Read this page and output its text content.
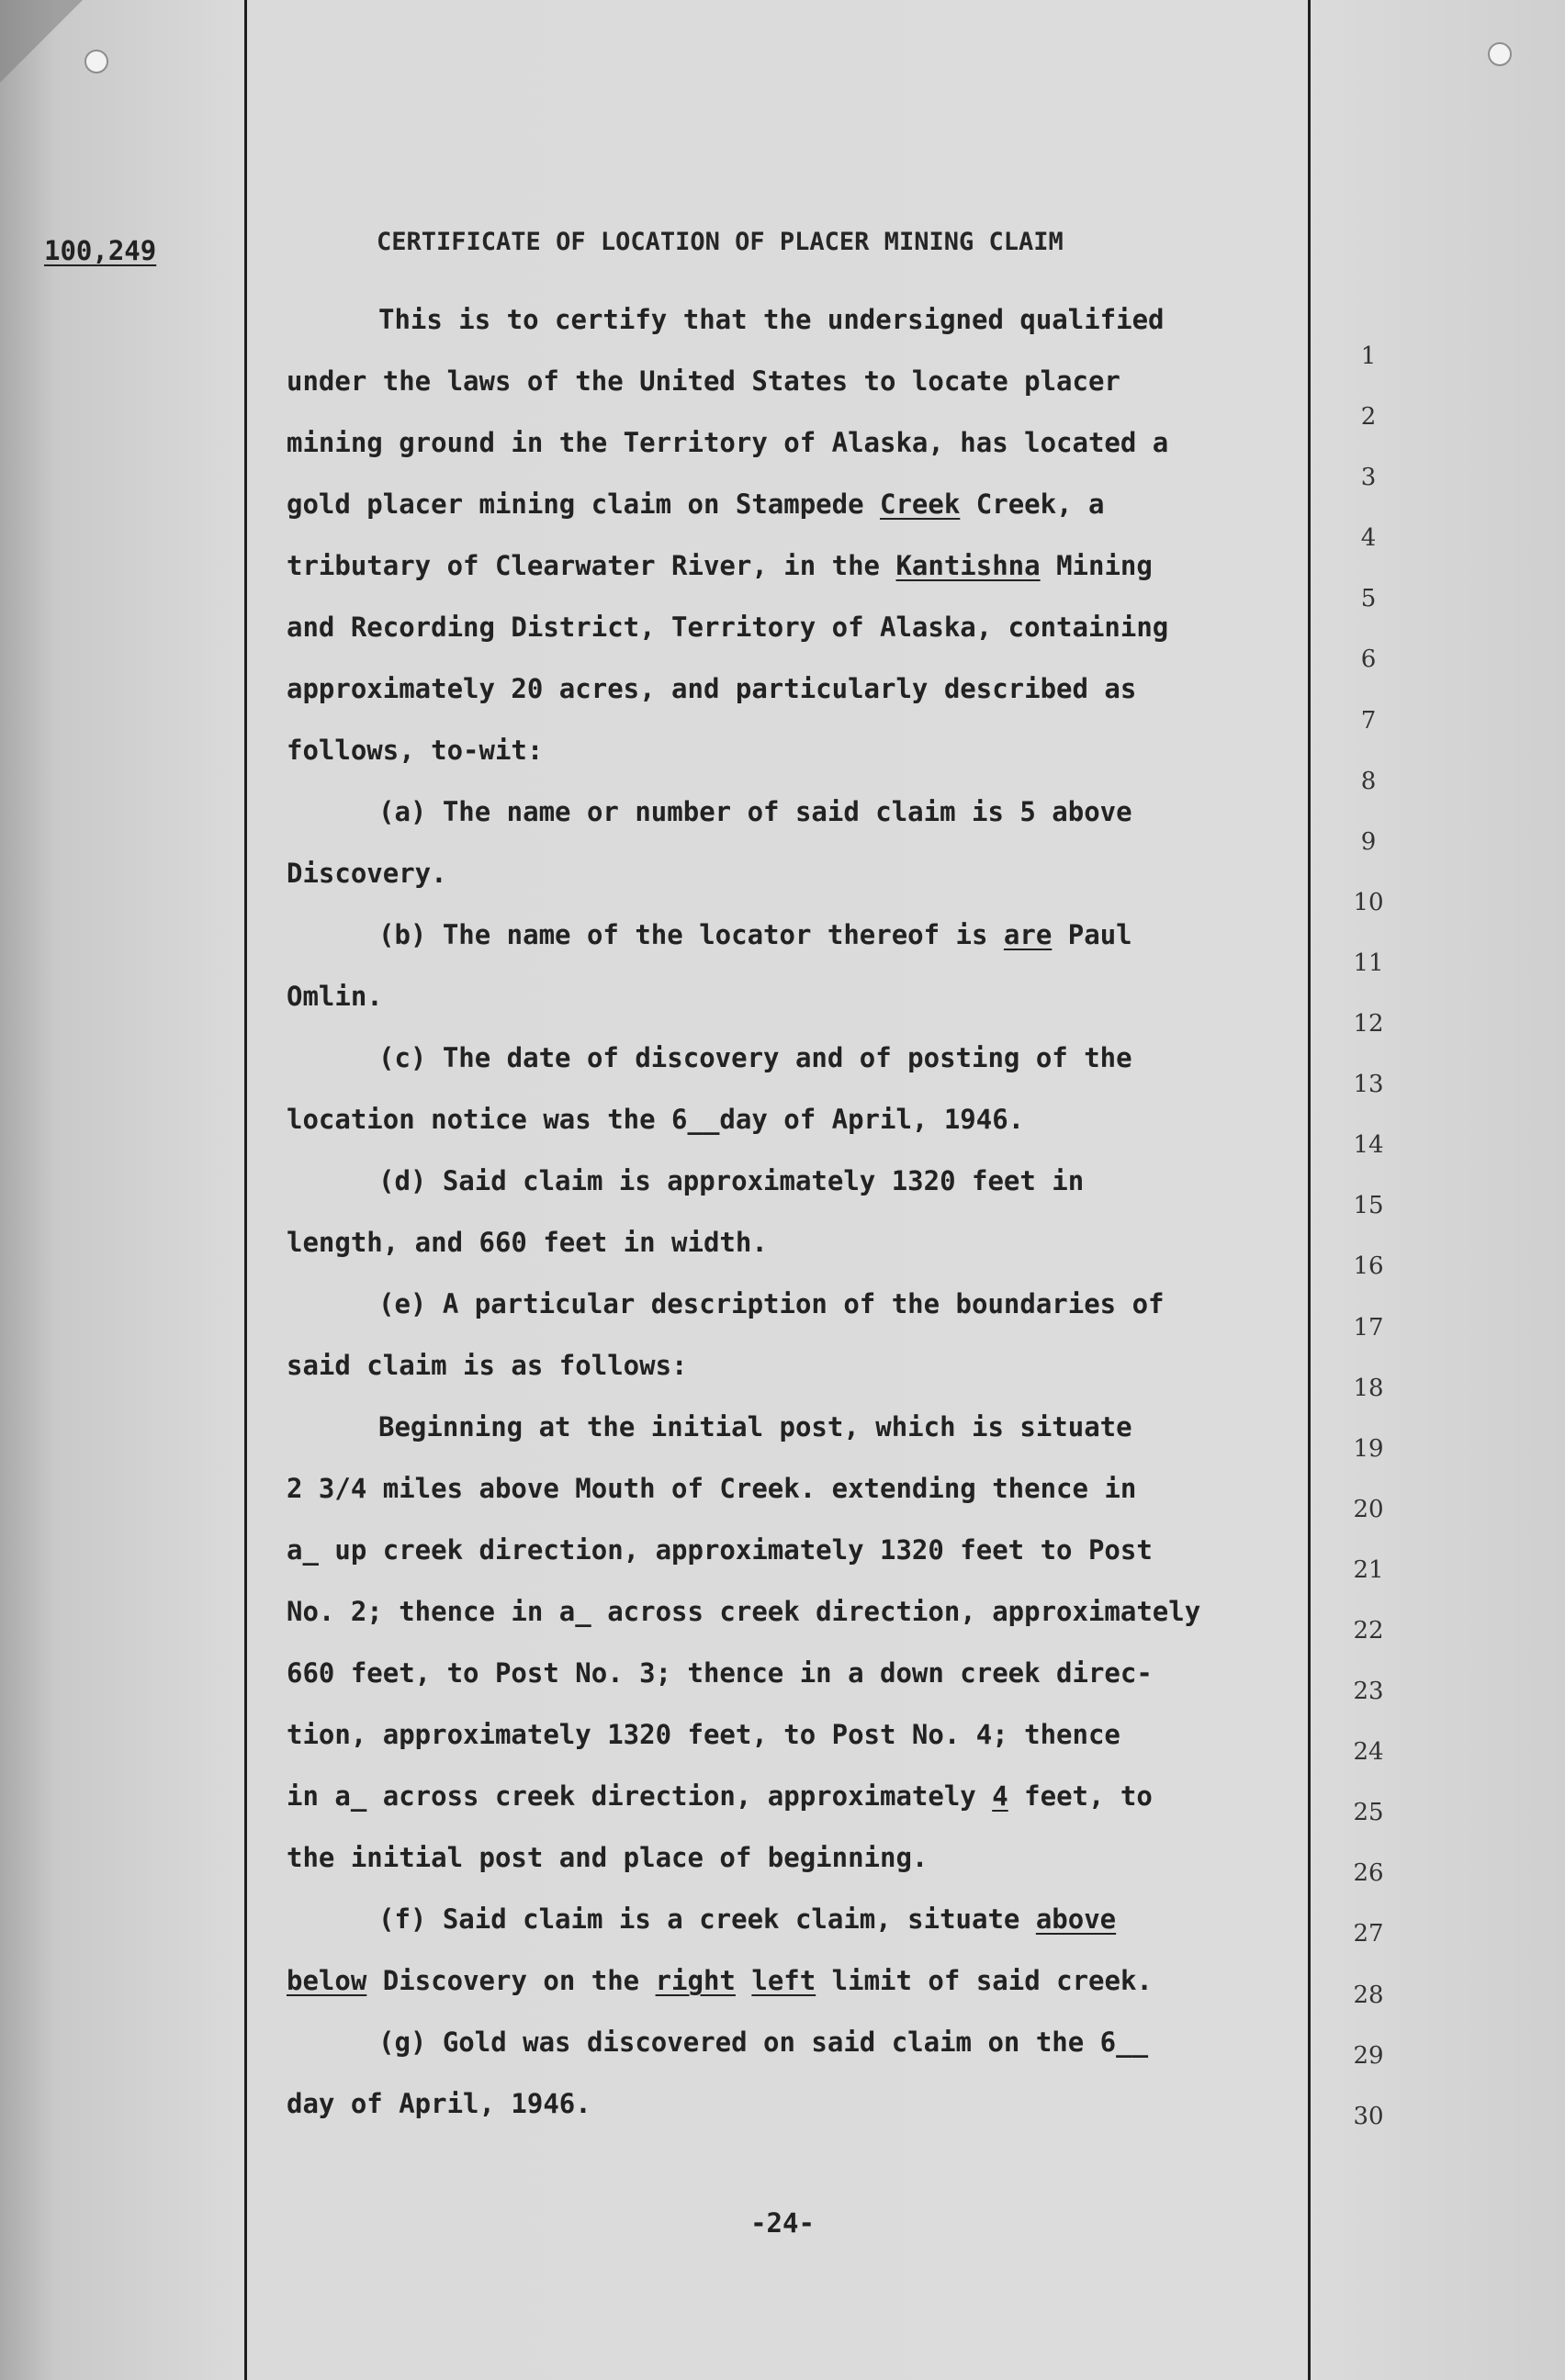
100,249	CERTIFICATE OF LOCATION OF PLACER MINING CLAIM

This is to certify that the undersigned qualified

under the laws of the United States to locate placer

mining ground in the Territory of Alaska, has located a

gold placer mining claim on Stampede Creek Creek, a

tributary of Clearwater River, in the Kantishna Mining

and Recording District, Territory of Alaska, containing

approximately 20 acres, and particularly described as

follows, to-wit:

(a) The name or number of said claim is 5 above

Discovery.

(b) The name of the locator thereof is are Paul

Omlin.

(c) The date of discovery and of posting of the

location notice was the 6__day of April, 1946.

(d) Said claim is approximately 1320 feet in

length, and 660 feet in width.

(e) A particular description of the boundaries of

said claim is as follows:

Beginning at the initial post, which is situate

2 3/4 miles above Mouth of Creek. extending thence in

a_ up creek direction, approximately 1320 feet to Post

No. 2; thence in a_ across creek direction, approximately

660 feet, to Post No. 3; thence in a down creek direc-

tion, approximately 1320 feet, to Post No. 4; thence

in a_ across creek direction, approximately 4 feet, to

the initial post and place of beginning.

(f) Said claim is a creek claim, situate above

below Discovery on the right left limit of said creek.

(g) Gold was discovered on said claim on the 6__

day of April, 1946.

1
2
3
4
5
6
7
8
9
10
11
12
13
14
15
16
17
18
19
20
21
22
23
24
25
26
27
28
29
30
-24-
